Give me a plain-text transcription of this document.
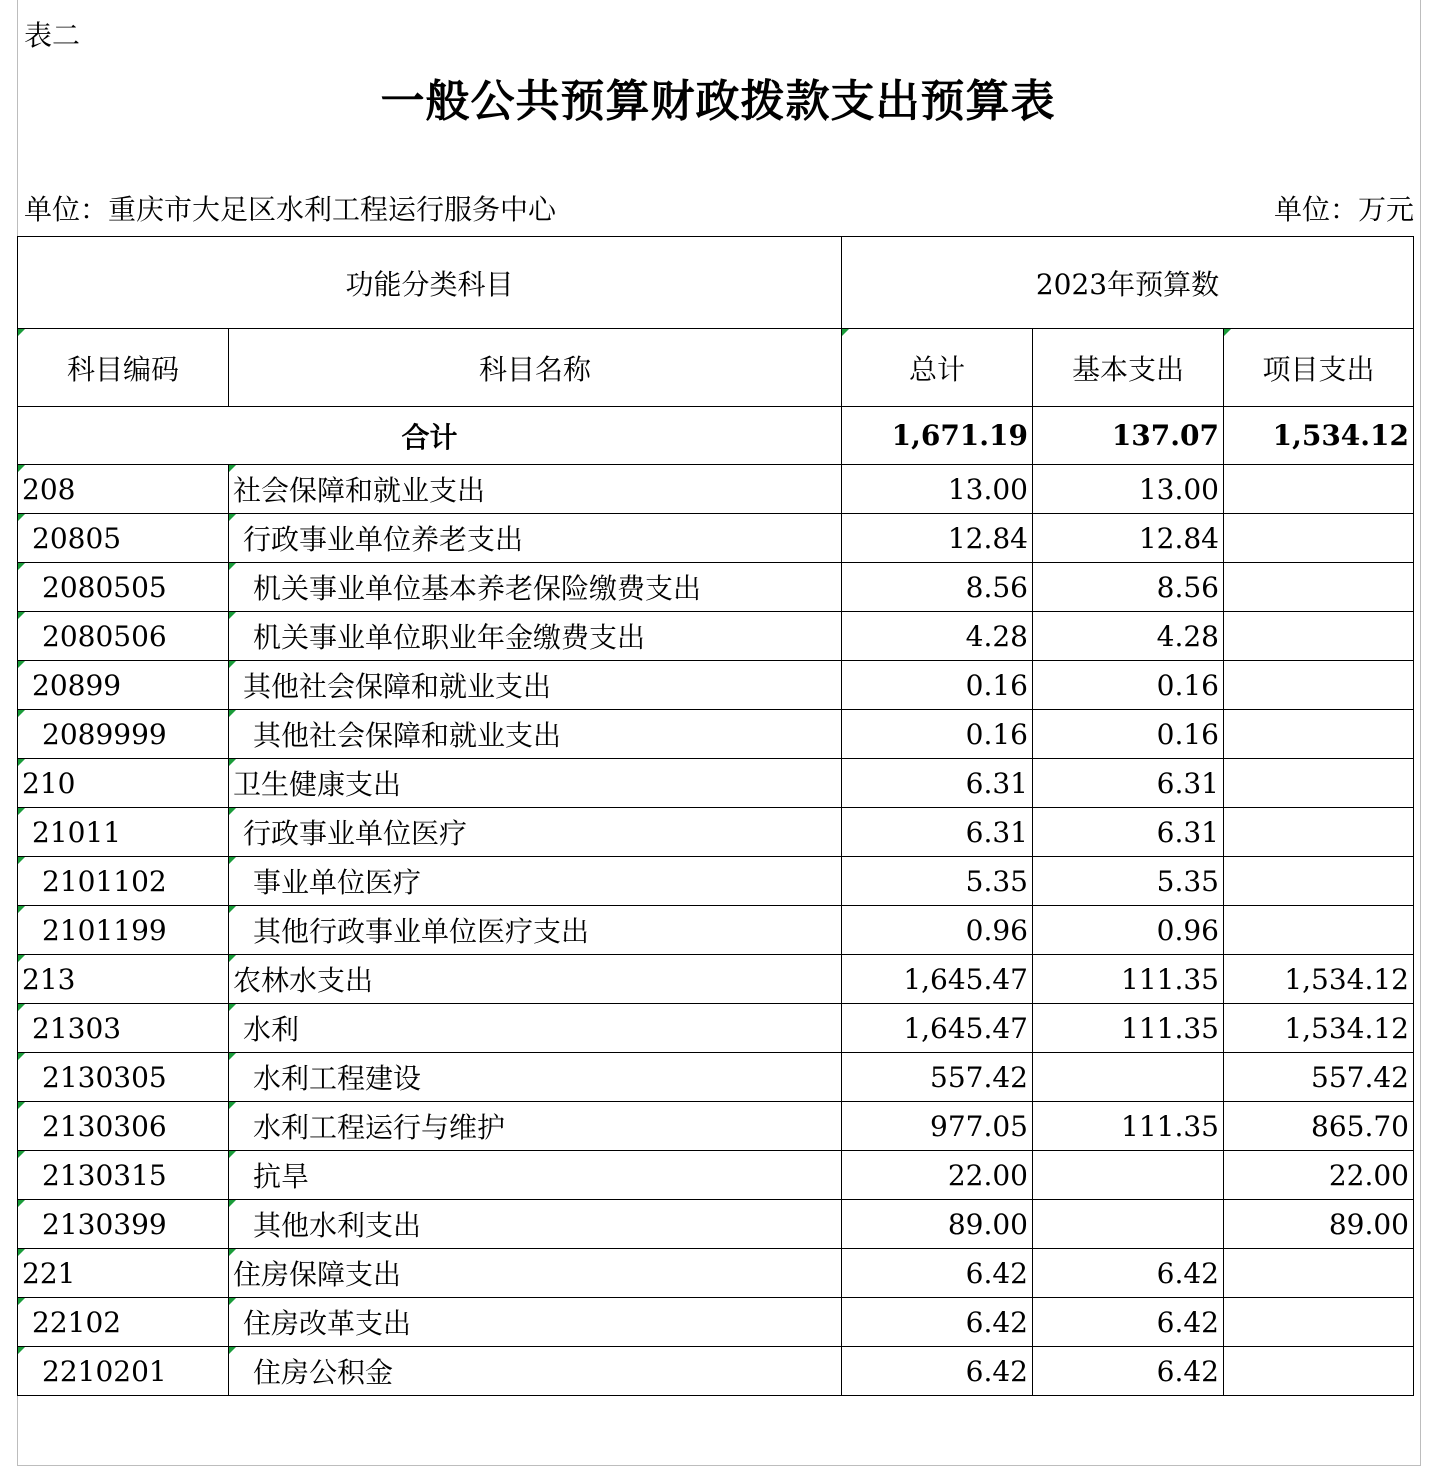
表二
一般公共预算财政拨款支出预算表
单位：重庆市大足区水利工程运行服务中心	单位：万元
功能分类科目		2023年预算数		
科目编码	科目名称	总计	基本支出	项目支出
合计		1,671.19	137.07	1,534.12
208	社会保障和就业支出	13.00	13.00	
20805	行政事业单位养老支出	12.84	12.84	
2080505	机关事业单位基本养老保险缴费支出	8.56	8.56	
2080506	机关事业单位职业年金缴费支出	4.28	4.28	
20899	其他社会保障和就业支出	0.16	0.16	
2089999	其他社会保障和就业支出	0.16	0.16	
210	卫生健康支出	6.31	6.31	
21011	行政事业单位医疗	6.31	6.31	
2101102	事业单位医疗	5.35	5.35	
2101199	其他行政事业单位医疗支出	0.96	0.96	
213	农林水支出	1,645.47	111.35	1,534.12
21303	水利	1,645.47	111.35	1,534.12
2130305	水利工程建设	557.42		557.42
2130306	水利工程运行与维护	977.05	111.35	865.70
2130315	抗旱	22.00		22.00
2130399	其他水利支出	89.00		89.00
221	住房保障支出	6.42	6.42	
22102	住房改革支出	6.42	6.42	
2210201	住房公积金	6.42	6.42	
